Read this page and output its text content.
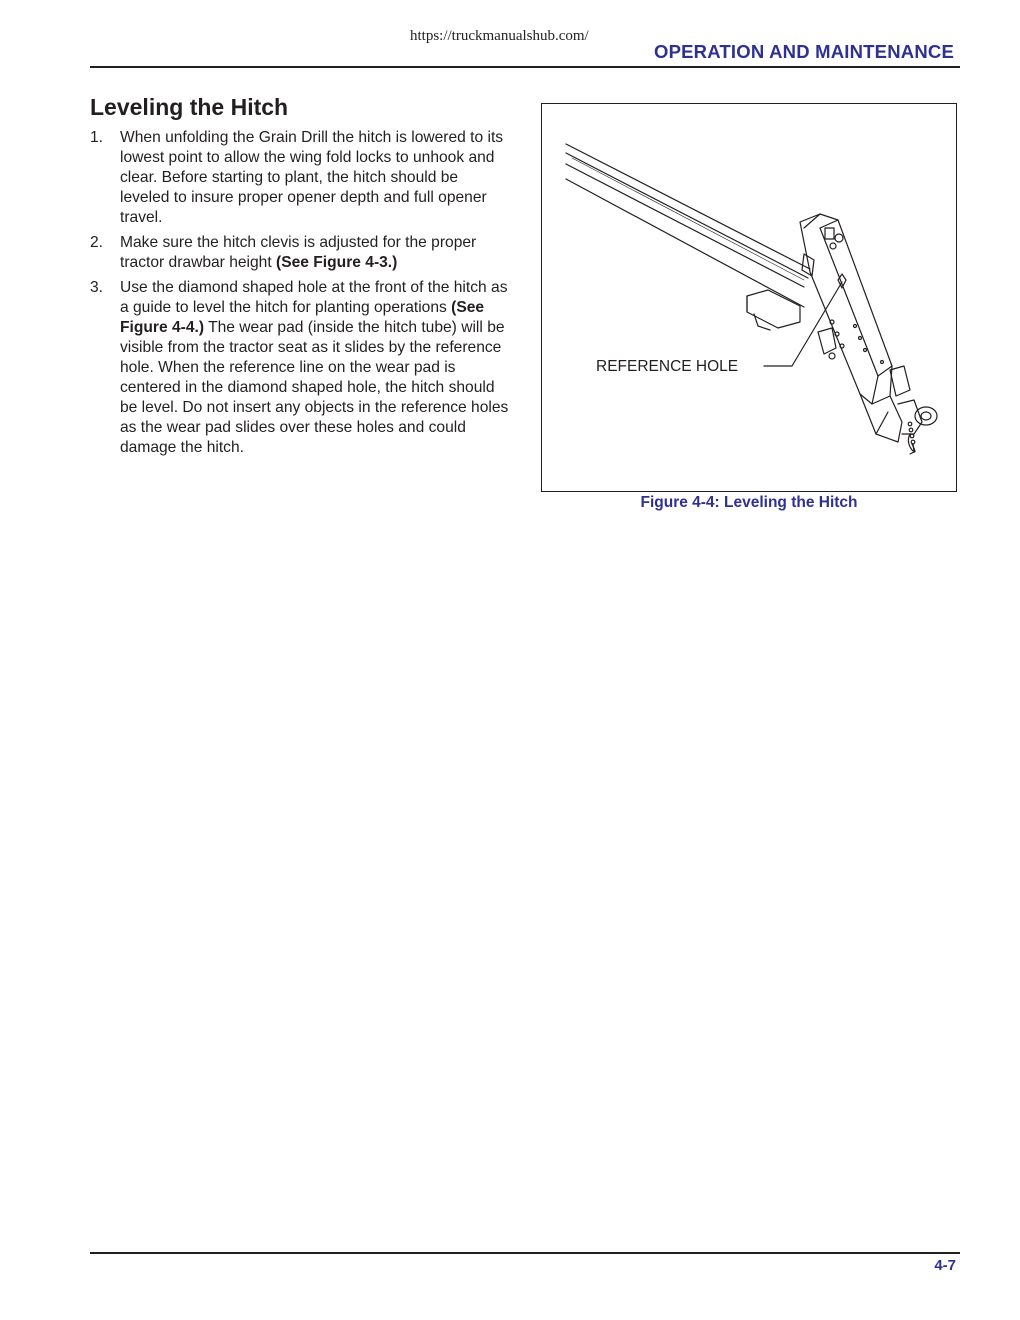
https://truckmanualshub.com/
OPERATION AND MAINTENANCE
Leveling the Hitch
1. When unfolding the Grain Drill the hitch is lowered to its lowest point to allow the wing fold locks to unhook and clear. Before starting to plant, the hitch should be leveled to insure proper opener depth and full opener travel.
2. Make sure the hitch clevis is adjusted for the proper tractor drawbar height (See Figure 4-3.)
3. Use the diamond shaped hole at the front of the hitch as a guide to level the hitch for planting operations (See Figure 4-4.) The wear pad (inside the hitch tube) will be visible from the tractor seat as it slides by the reference hole. When the reference line on the wear pad is centered in the diamond shaped hole, the hitch should be level. Do not insert any objects in the reference holes as the wear pad slides over these holes and could damage the hitch.
REFERENCE HOLE
Figure 4-4: Leveling the Hitch
4-7
